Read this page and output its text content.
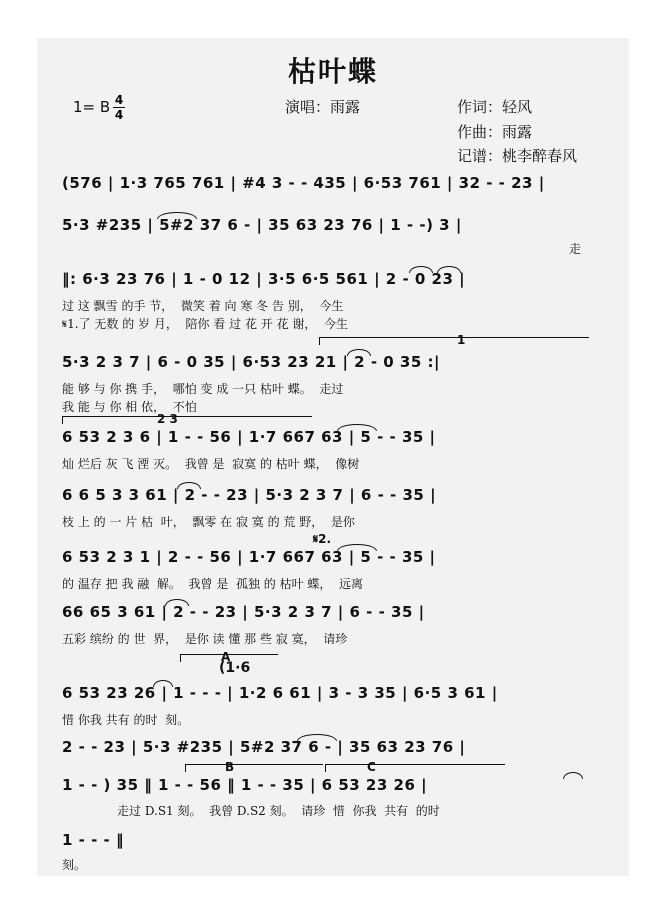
枯叶蝶
1= B 4
4	演唱：雨露	作词：轻风
作曲：雨露
记谱：桃李醉春风
(576 | 1·3 765 761 | #4 3 - - 435 | 6·53 761 | 32 - - 23 |
5·3 #235 | 5#2 37 6 - | 35 63 23 76 | 1 - -) 3 |
走
‖: 6·3 23 76 | 1 - 0 12 | 3·5 6·5 561 | 2 - 0 23 |
过 这 飘雪 的手 节，  微笑 着 向 寒 冬 告 别，  今生
𝄋1.了 无数 的 岁 月，  陪你 看 过 花 开 花 谢，  今生
1
5·3 2 3 7 | 6 - 0 35 | 6·53 23 21 | 2 - 0 35 :|
能 够 与 你 携 手，  哪怕 变 成 一只 枯叶 蝶。  走过
我 能 与 你 相 依，  不怕
2 3
6 53 2 3 6 | 1 - - 56 | 1·7 667 63 | 5 - - 35 |
灿 烂后 灰 飞 湮 灭。  我曾 是  寂寞 的 枯叶 蝶，  像树
6 6 5 3 3 61 | 2 - - 23 | 5·3 2 3 7 | 6 - - 35 |
枝 上 的 一 片 枯  叶，  飘零 在 寂 寞 的 荒 野，  是你
𝄋2.
6 53 2 3 1 | 2 - - 56 | 1·7 667 63 | 5 - - 35 |
的 温存 把 我 融  解。  我曾 是  孤独 的 枯叶 蝶，  远离
66 65 3 61 | 2 - - 23 | 5·3 2 3 7 | 6 - - 35 |
五彩 缤纷 的 世  界，  是你 读 懂 那 些 寂 寞，  请珍
A
(1·6
6 53 23 26 | 1 - - - | 1·2 6 61 | 3 - 3 35 | 6·5 3 61 |
惜 你我 共有 的时  刻。
2 - - 23 | 5·3 #235 | 5#2 37 6 - | 35 63 23 76 |
B	C
1 - - ) 35 ‖ 1 - - 56 ‖ 1 - - 35 | 6 53 23 26 |
走过 D.S1 刻。  我曾 D.S2 刻。  请珍  惜  你我  共有  的时
1 - - - ‖
刻。
